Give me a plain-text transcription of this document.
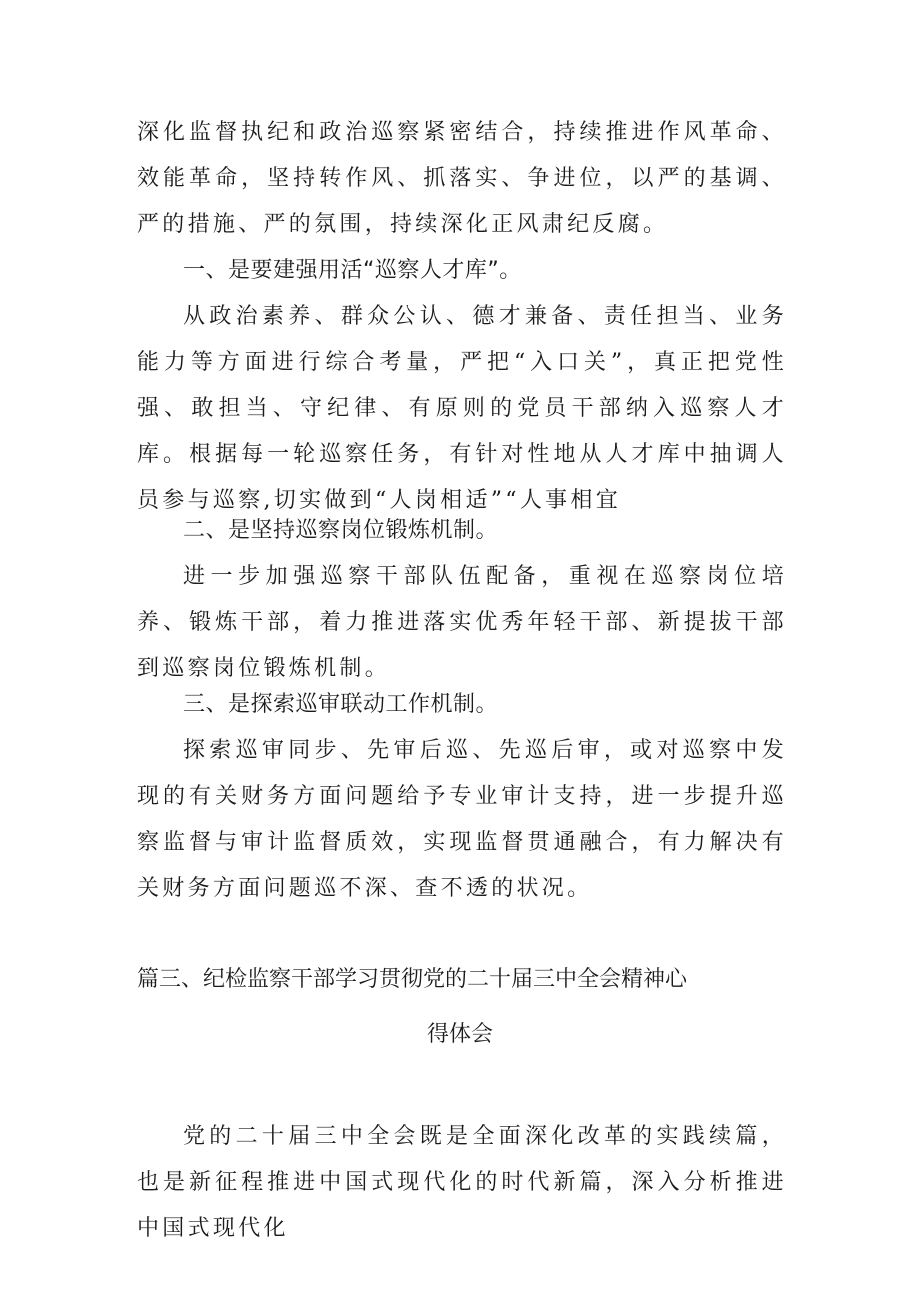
深化监督执纪和政治巡察紧密结合，持续推进作风革命、效能革命，坚持转作风、抓落实、争进位，以严的基调、严的措施、严的氛围，持续深化正风肃纪反腐。

一、是要建强用活“巡察人才库”。

从政治素养、群众公认、德才兼备、责任担当、业务能力等方面进行综合考量，严把“入口关”，真正把党性强、敢担当、守纪律、有原则的党员干部纳入巡察人才库。根据每一轮巡察任务，有针对性地从人才库中抽调人员参与巡察,切实做到“人岗相适”“人事相宜

二、是坚持巡察岗位锻炼机制。

进一步加强巡察干部队伍配备，重视在巡察岗位培养、锻炼干部，着力推进落实优秀年轻干部、新提拔干部到巡察岗位锻炼机制。

三、是探索巡审联动工作机制。

探索巡审同步、先审后巡、先巡后审，或对巡察中发现的有关财务方面问题给予专业审计支持，进一步提升巡察监督与审计监督质效，实现监督贯通融合，有力解决有关财务方面问题巡不深、查不透的状况。

篇三、纪检监察干部学习贯彻党的二十届三中全会精神心

得体会

党的二十届三中全会既是全面深化改革的实践续篇，也是新征程推进中国式现代化的时代新篇，深入分析推进中国式现代化
